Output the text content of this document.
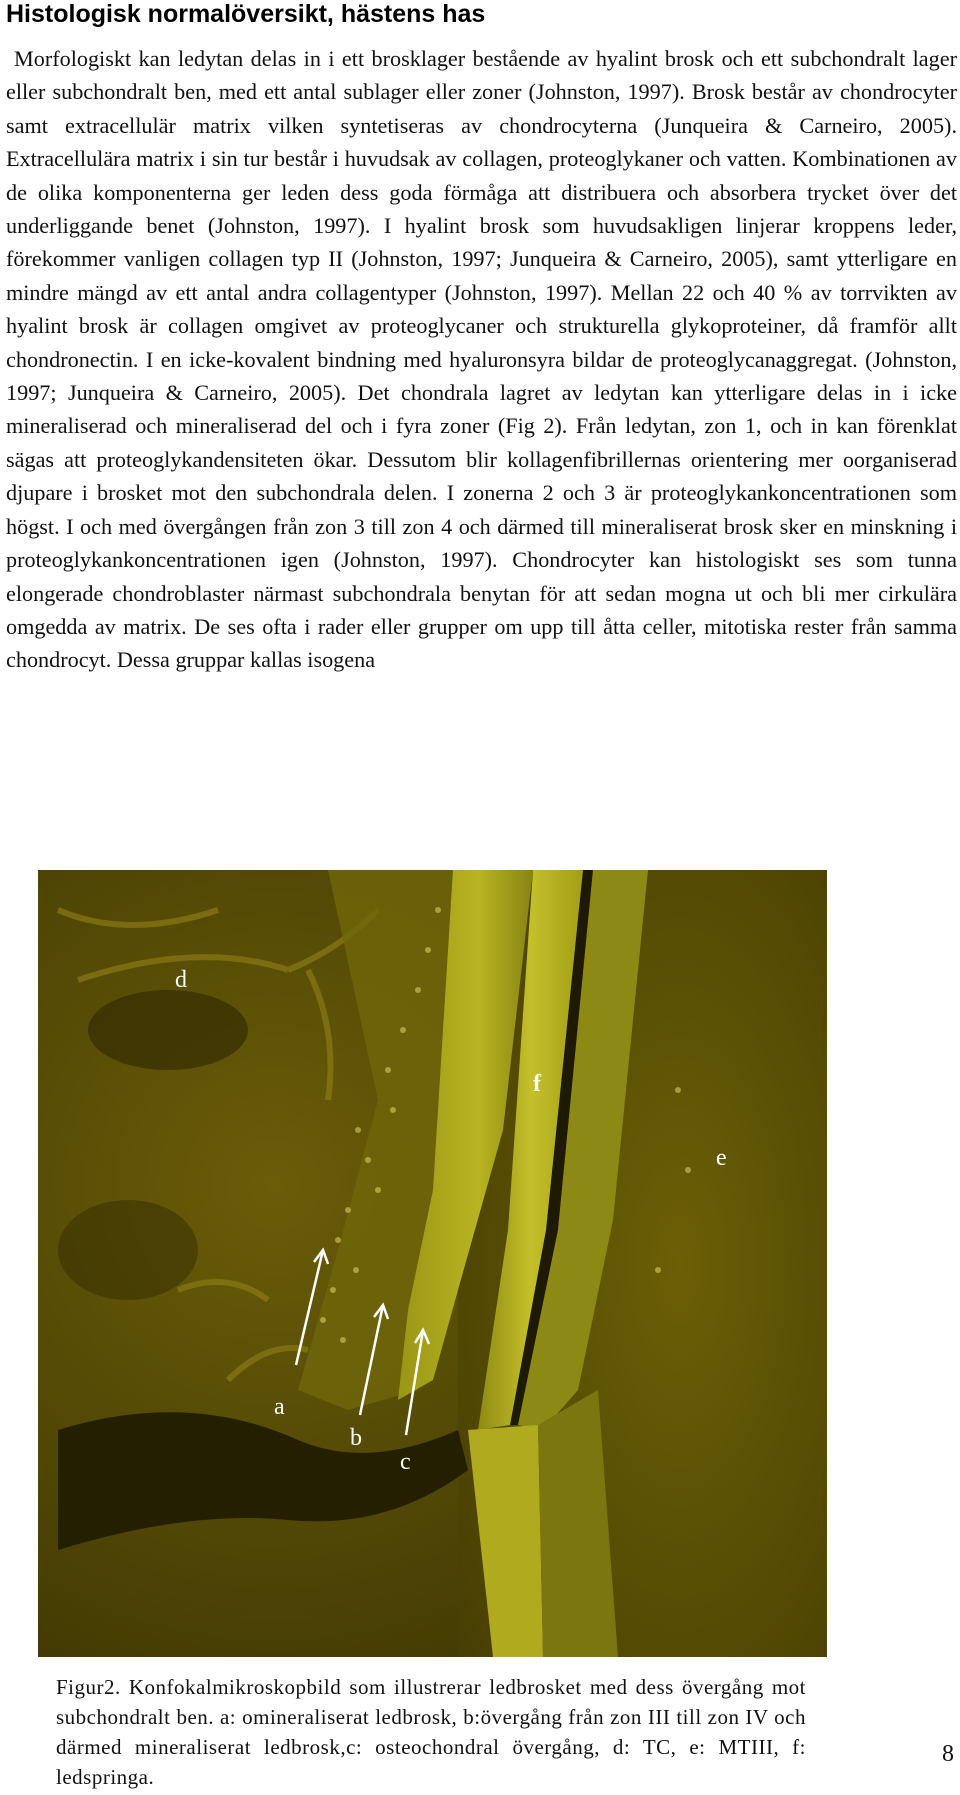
Histologisk normalöversikt, hästens has

Morfologiskt kan ledytan delas in i ett brosklager bestående av hyalint brosk och ett subchondralt lager eller subchondralt ben, med ett antal sublager eller zoner (Johnston, 1997). Brosk består av chondrocyter samt extracellulär matrix vilken syntetiseras av chondrocyterna (Junqueira & Carneiro, 2005). Extracellulära matrix i sin tur består i huvudsak av collagen, proteoglykaner och vatten. Kombinationen av de olika komponenterna ger leden dess goda förmåga att distribuera och absorbera trycket över det underliggande benet (Johnston, 1997). I hyalint brosk som huvudsakligen linjerar kroppens leder, förekommer vanligen collagen typ II (Johnston, 1997; Junqueira & Carneiro, 2005), samt ytterligare en mindre mängd av ett antal andra collagentyper (Johnston, 1997). Mellan 22 och 40 % av torrvikten av hyalint brosk är collagen omgivet av proteoglycaner och strukturella glykoproteiner, då framför allt chondronectin. I en icke-kovalent bindning med hyaluronsyra bildar de proteoglycanaggregat. (Johnston, 1997; Junqueira & Carneiro, 2005). Det chondrala lagret av ledytan kan ytterligare delas in i icke mineraliserad och mineraliserad del och i fyra zoner (Fig 2). Från ledytan, zon 1, och in kan förenklat sägas att proteoglykandensiteten ökar. Dessutom blir kollagenfibrillernas orientering mer oorganiserad djupare i brosket mot den subchondrala delen. I zonerna 2 och 3 är proteoglykankoncentrationen som högst. I och med övergången från zon 3 till zon 4 och därmed till mineraliserat brosk sker en minskning i proteoglykankoncentrationen igen (Johnston, 1997). Chondrocyter kan histologiskt ses som tunna elongerade chondroblaster närmast subchondrala benytan för att sedan mogna ut och bli mer cirkulära omgedda av matrix. De ses ofta i rader eller grupper om upp till åtta celler, mitotiska rester från samma chondrocyt. Dessa gruppar kallas isogena

d
f
e
a
b
c

Figur2. Konfokalmikroskopbild som illustrerar ledbrosket med dess övergång mot subchondralt ben. a: omineraliserat ledbrosk, b:övergång från zon III till zon IV och därmed mineraliserat ledbrosk,c: osteochondral övergång, d: TC, e: MTIII, f: ledspringa.

8
